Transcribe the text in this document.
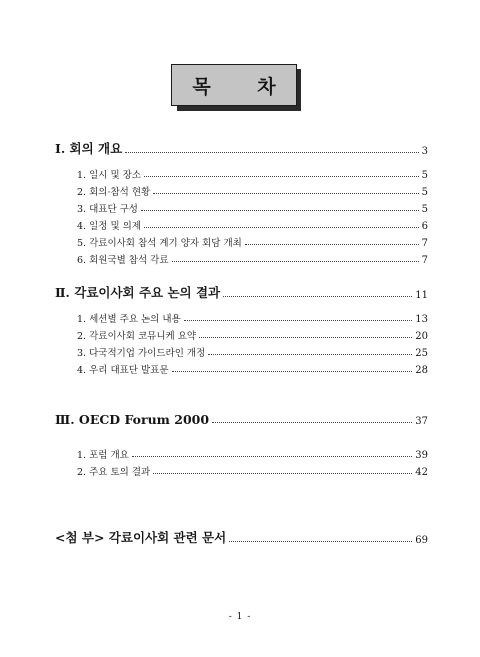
목 차
Ⅰ. 회의 개요	3
1. 일시 및 장소	5
2. 회의·참석 현황	5
3. 대표단 구성	5
4. 일정 및 의제	6
5. 각료이사회 참석 계기 양자 회담 개최	7
6. 회원국별 참석 각료	7
Ⅱ. 각료이사회 주요 논의 결과	11
1. 세션별 주요 논의 내용	13
2. 각료이사회 코뮤니케 요약	20
3. 다국적기업 가이드라인 개정	25
4. 우리 대표단 발표문	28
Ⅲ. OECD Forum 2000	37
1. 포럼 개요	39
2. 주요 토의 결과	42
<첨 부> 각료이사회 관련 문서	69
- 1 -
